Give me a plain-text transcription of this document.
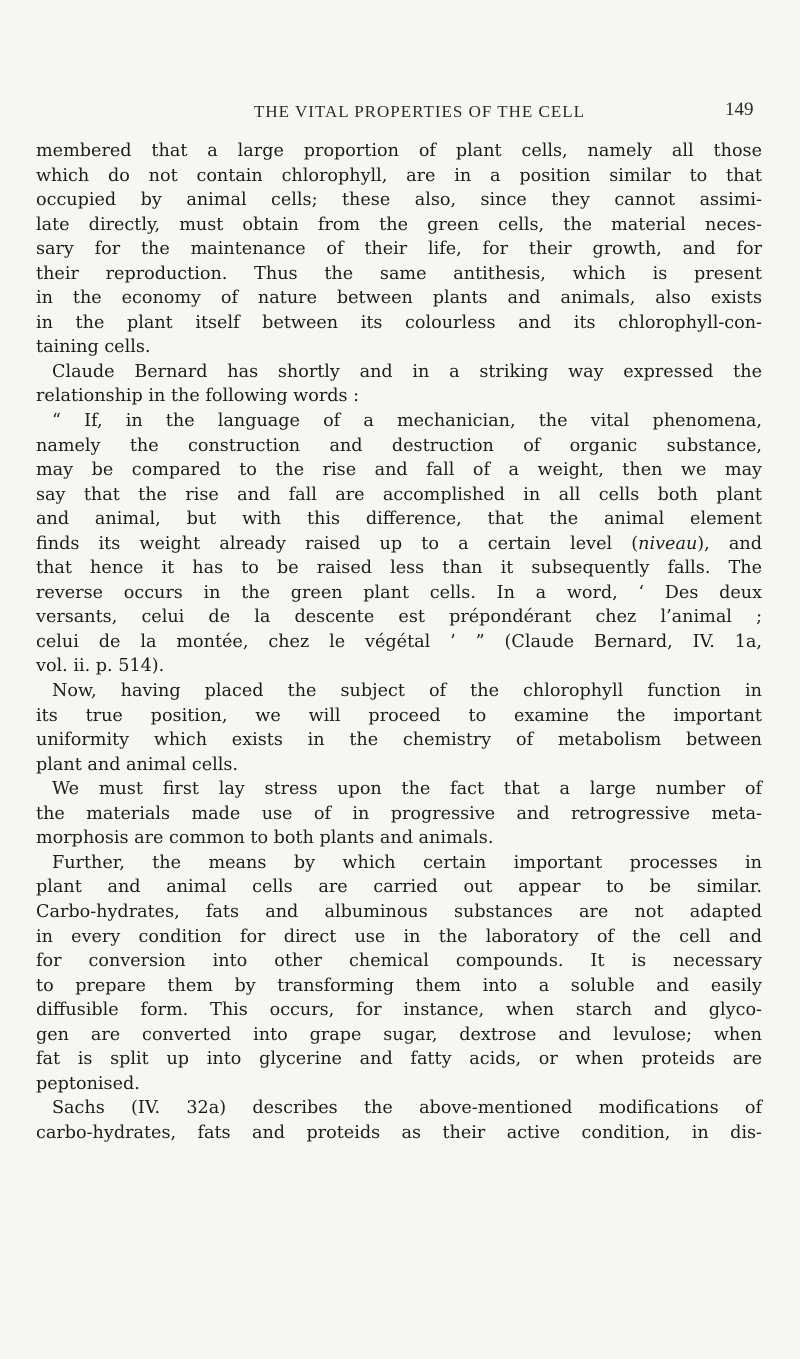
THE VITAL PROPERTIES OF THE CELL	149
membered that a large proportion of plant cells, namely all those
which do not contain chlorophyll, are in a position similar to that
occupied by animal cells; these also, since they cannot assimi-
late directly, must obtain from the green cells, the material neces-
sary for the maintenance of their life, for their growth, and for
their reproduction. Thus the same antithesis, which is present
in the economy of nature between plants and animals, also exists
in the plant itself between its colourless and its chlorophyll-con-
taining cells.
Claude Bernard has shortly and in a striking way expressed the
relationship in the following words :
“ If, in the language of a mechanician, the vital phenomena,
namely the construction and destruction of organic substance,
may be compared to the rise and fall of a weight, then we may
say that the rise and fall are accomplished in all cells both plant
and animal, but with this difference, that the animal element
finds its weight already raised up to a certain level (niveau), and
that hence it has to be raised less than it subsequently falls. The
reverse occurs in the green plant cells. In a word, ‘ Des deux
versants, celui de la descente est prépondérant chez l’animal ;
celui de la montée, chez le végétal ’ ” (Claude Bernard, IV. 1a,
vol. ii. p. 514).
Now, having placed the subject of the chlorophyll function in
its true position, we will proceed to examine the important
uniformity which exists in the chemistry of metabolism between
plant and animal cells.
We must first lay stress upon the fact that a large number of
the materials made use of in progressive and retrogressive meta-
morphosis are common to both plants and animals.
Further, the means by which certain important processes in
plant and animal cells are carried out appear to be similar.
Carbo-hydrates, fats and albuminous substances are not adapted
in every condition for direct use in the laboratory of the cell and
for conversion into other chemical compounds. It is necessary
to prepare them by transforming them into a soluble and easily
diffusible form. This occurs, for instance, when starch and glyco-
gen are converted into grape sugar, dextrose and levulose; when
fat is split up into glycerine and fatty acids, or when proteids are
peptonised.
Sachs (IV. 32a) describes the above-mentioned modifications of
carbo-hydrates, fats and proteids as their active condition, in dis-
